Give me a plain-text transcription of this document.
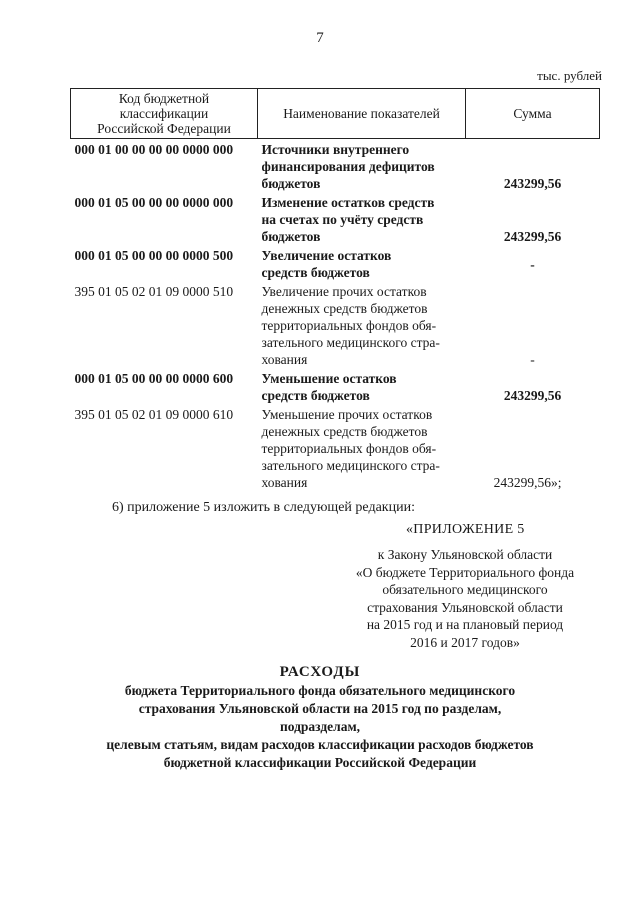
7
тыс. рублей
Код бюджетной
классификации
Российской Федерации	Наименование показателей	Сумма
000 01 00 00 00 00 0000 000	Источники внутреннего
финансирования дефицитов
бюджетов	243299,56
000 01 05 00 00 00 0000 000	Изменение остатков средств
на счетах по учёту средств
бюджетов	243299,56
000 01 05 00 00 00 0000 500	Увеличение остатков
средств бюджетов	-
395 01 05 02 01 09 0000 510	Увеличение прочих остатков
денежных средств бюджетов
территориальных фондов обя-
зательного медицинского стра-
хования	-
000 01 05 00 00 00 0000 600	Уменьшение остатков
средств бюджетов	243299,56
395 01 05 02 01 09 0000 610	Уменьшение прочих остатков
денежных средств бюджетов
территориальных фондов обя-
зательного медицинского стра-
хования	243299,56»;
6) приложение 5 изложить в следующей редакции:
«ПРИЛОЖЕНИЕ 5
к Закону Ульяновской области
«О бюджете Территориального фонда
обязательного медицинского
страхования Ульяновской области
на 2015 год и на плановый период
2016 и 2017 годов»
РАСХОДЫ
бюджета Территориального фонда обязательного медицинского
страхования Ульяновской области на 2015 год по разделам, подразделам,
целевым статьям, видам расходов классификации расходов бюджетов
бюджетной классификации Российской Федерации
